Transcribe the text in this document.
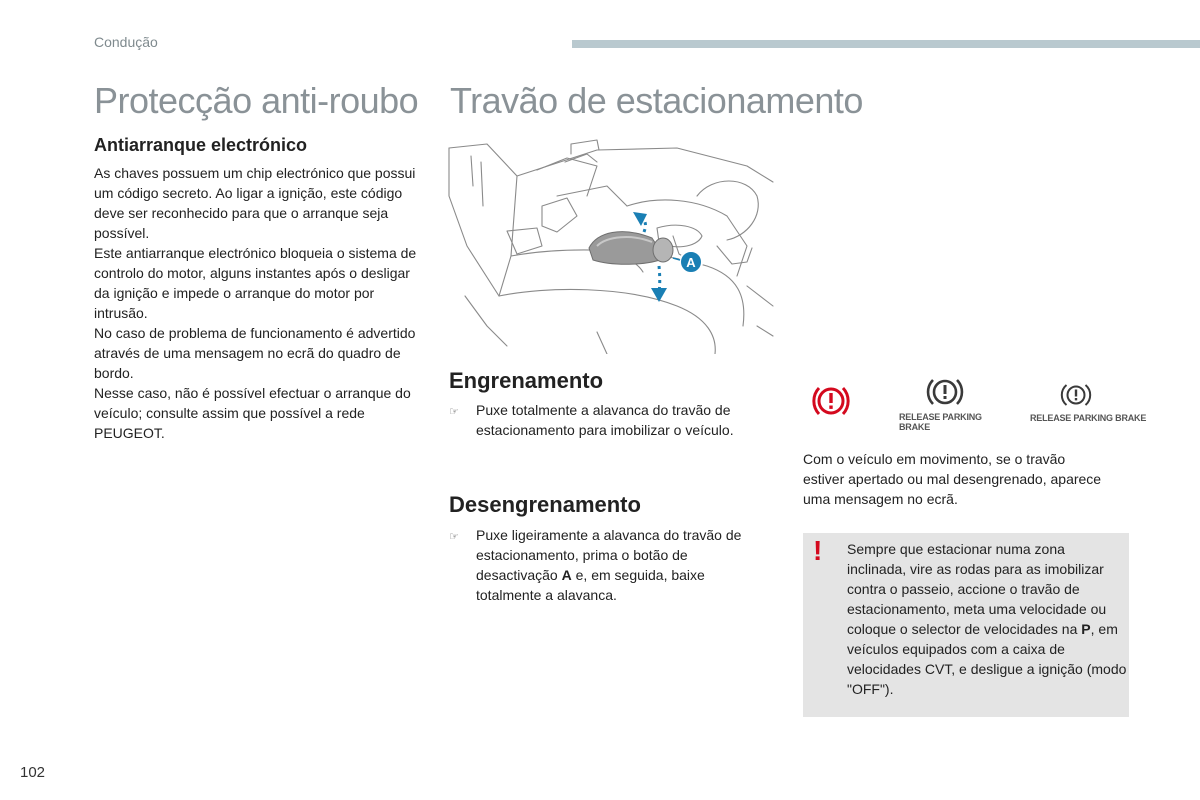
Condução
Protecção anti-roubo
Antiarranque electrónico

As chaves possuem um chip electrónico que possui um código secreto. Ao ligar a ignição, este código deve ser reconhecido para que o arranque seja possível.

Este antiarranque electrónico bloqueia o sistema de controlo do motor, alguns instantes após o desligar da ignição e impede o arranque do motor por intrusão.

No caso de problema de funcionamento é advertido através de uma mensagem no ecrã do quadro de bordo.

Nesse caso, não é possível efectuar o arranque do veículo; consulte assim que possível a rede PEUGEOT.

Travão de estacionamento
A
Engrenamento
☞	Puxe totalmente a alavanca do travão de estacionamento para imobilizar o veículo.
Desengrenamento
☞	Puxe ligeiramente a alavanca do travão de estacionamento, prima o botão de desactivação A e, em seguida, baixe totalmente a alavanca.
RELEASE PARKING BRAKE
RELEASE PARKING BRAKE
Com o veículo em movimento, se o travão estiver apertado ou mal desengrenado, aparece uma mensagem no ecrã.
! Sempre que estacionar numa zona inclinada, vire as rodas para as imobilizar contra o passeio, accione o travão de estacionamento, meta uma velocidade ou coloque o selector de velocidades na P, em veículos equipados com a caixa de velocidades CVT, e desligue a ignição (modo "OFF").
102
